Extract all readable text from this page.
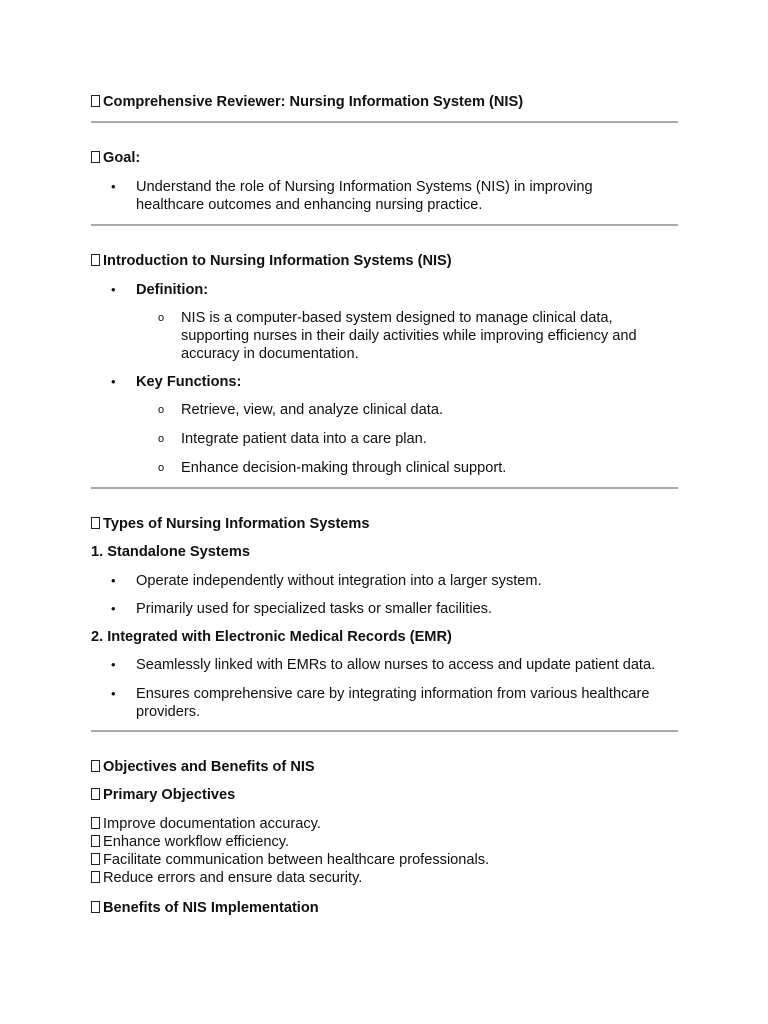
Comprehensive Reviewer: Nursing Information System (NIS)
Goal:
• Understand the role of Nursing Information Systems (NIS) in improving
healthcare outcomes and enhancing nursing practice.
Introduction to Nursing Information Systems (NIS)
• Definition:
o NIS is a computer-based system designed to manage clinical data,
supporting nurses in their daily activities while improving efficiency and
accuracy in documentation.
• Key Functions:
o Retrieve, view, and analyze clinical data.
o Integrate patient data into a care plan.
o Enhance decision-making through clinical support.
Types of Nursing Information Systems
1. Standalone Systems
• Operate independently without integration into a larger system.
• Primarily used for specialized tasks or smaller facilities.
2. Integrated with Electronic Medical Records (EMR)
• Seamlessly linked with EMRs to allow nurses to access and update patient data.
• Ensures comprehensive care by integrating information from various healthcare
providers.
Objectives and Benefits of NIS
Primary Objectives
Improve documentation accuracy.
Enhance workflow efficiency.
Facilitate communication between healthcare professionals.
Reduce errors and ensure data security.
Benefits of NIS Implementation
